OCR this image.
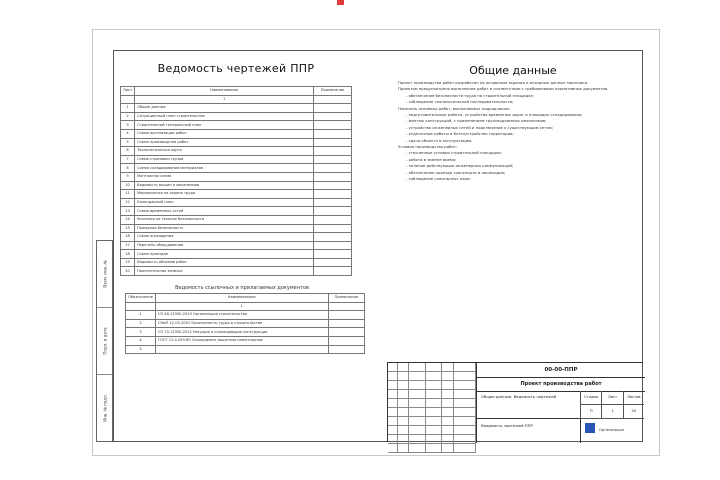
Взам. инв. №
Подп. и дата
Инв. № подл.
Ведомость чертежей ППР	Общие данные
Лист	Наименование	Примечание
	1	
1	Общие данные	
2	Ситуационный план строительства	
3	Строительный генеральный план	
4	Схема организации работ	
5	Схема производства работ	
6	Технологическая карта	
7	Схема строповки грузов	
8	Схема складирования материалов	
9	Монтажная схема	
10	Ведомость машин и механизмов	
11	Мероприятия по охране труда	
12	Календарный план	
13	Схема временных сетей	
14	Указания по технике безопасности	
15	Пожарная безопасность	
16	Схема ограждения	
17	Перечень оборудования	
18	Схема проездов	
19	Ведомость объемов работ	
20	Пояснительная записка	
Ведомость ссылочных и прилагаемых документов
Обозначение	Наименование	Примечание
	1	
1	СП 48.13330.2019 Организация строительства	
2	СНиП 12-03-2001 Безопасность труда в строительстве	
3	СП 70.13330.2012 Несущие и ограждающие конструкции	
4	ГОСТ 12.4.059-89 Ограждения защитные инвентарные	
5		

Проект производства работ разработан на основании задания и исходных данных заказчика.

Проектом предусмотрено выполнение работ в соответствии с требованиями нормативных документов.

- обеспечение безопасности труда на строительной площадке;

- соблюдение технологической последовательности;

Перечень основных работ, выполняемых подрядчиком:

- подготовительные работы, устройство временных дорог и площадок складирования;

- монтаж конструкций, с применением грузоподъемных механизмов;

- устройство инженерных сетей и подключение к существующим сетям;

- отделочные работы и благоустройство территории;

- сдача объекта в эксплуатацию.

Условия производства работ:

- стесненные условия строительной площадки;

- работа в зимнее время;

- наличие действующих инженерных коммуникаций;

- обеспечение проезда транспорта и пешеходов;

- соблюдение санитарных норм.

00-00-ППР
Проект производства работ
Общие данные. Ведомость чертежей	Стадия	Лист	Листов
П	1	20
Ведомость чертежей ППР
Организация
